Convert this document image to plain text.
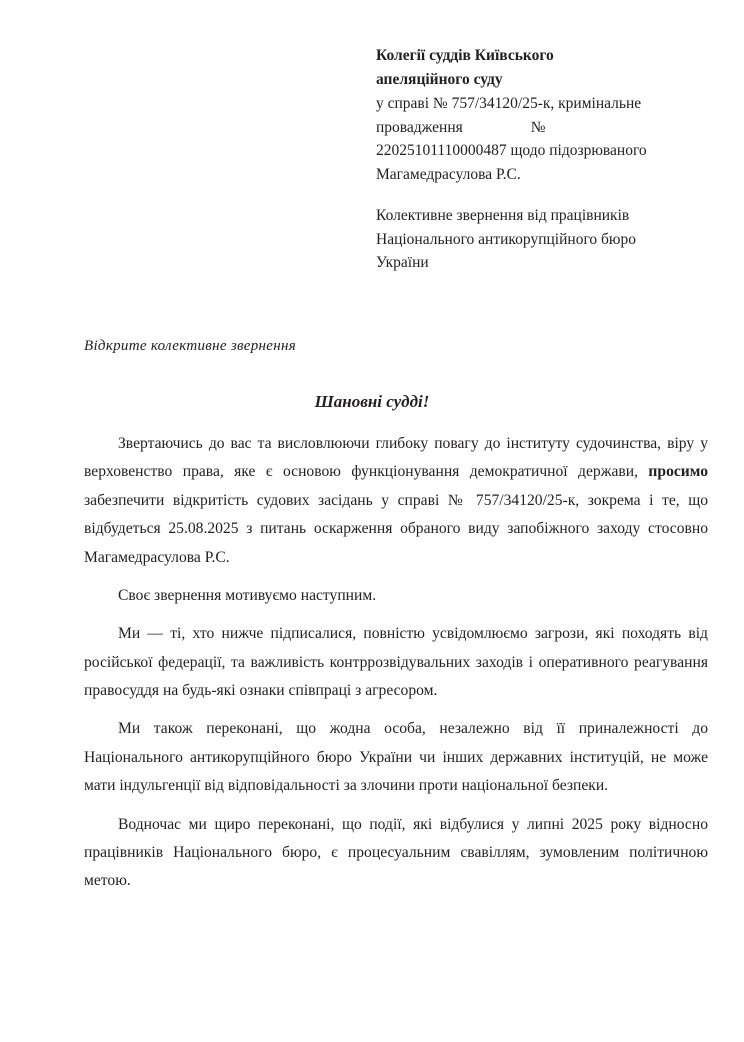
Колегії суддів Київського

апеляційного суду

у справі № 757/34120/25-к, кримінальне

провадження	№

22025101110000487 щодо підозрюваного

Магамедрасулова Р.С.

Колективне звернення від працівників

Національного антикорупційного бюро

України

Відкрите колективне звернення
Шановні судді!

Звертаючись до вас та висловлюючи глибоку повагу до інституту судочинства, віру у верховенство права, яке є основою функціонування демократичної держави, просимо забезпечити відкритість судових засідань у справі № 757/34120/25-к, зокрема і те, що відбудеться 25.08.2025 з питань оскарження обраного виду запобіжного заходу стосовно Магамедрасулова Р.С.

Своє звернення мотивуємо наступним.

Ми — ті, хто нижче підписалися, повнiстю усвідомлюємо загрози, які походять від російської федерації, та важливість контррозвідувальних заходів і оперативного реагування правосуддя на будь-які ознаки співпраці з агресором.

Ми також переконані, що жодна особа, незалежно від її приналежності до Національного антикорупційного бюро України чи інших державних інституцій, не може мати індульгенції від відповідальності за злочини проти національної безпеки.

Водночас ми щиро переконані, що події, які відбулися у липні 2025 року відносно працівників Національного бюро, є процесуальним свавіллям, зумовленим політичною метою.
